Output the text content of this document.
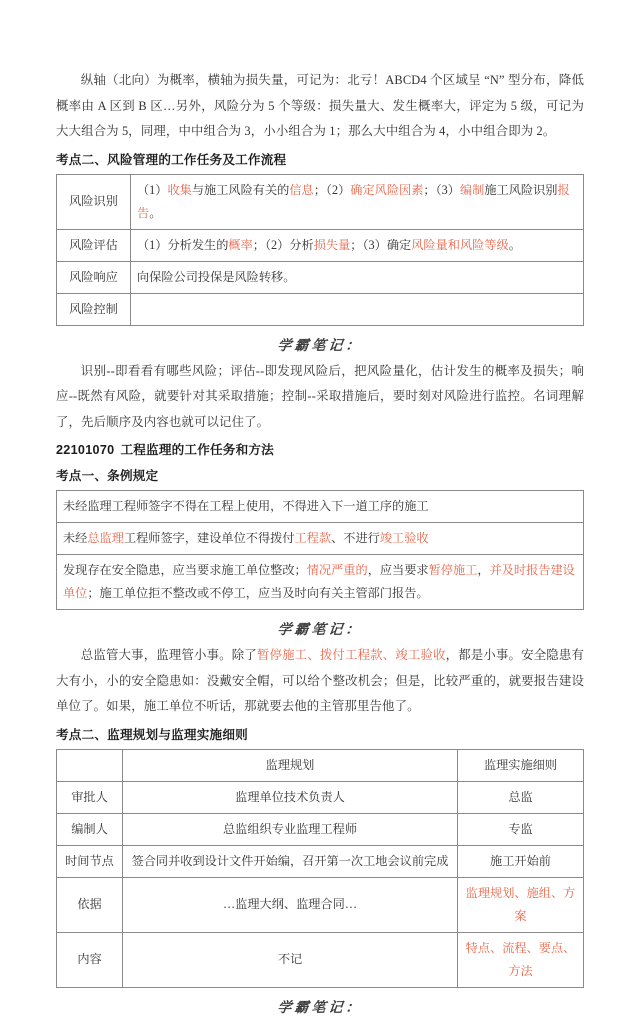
纵轴（北向）为概率，横轴为损失量，可记为：北亏！ABCD4 个区域呈 “N” 型分布，降低概率由 A 区到 B 区…另外，风险分为 5 个等级：损失量大、发生概率大，评定为 5 级，可记为大大组合为 5，同理，中中组合为 3，小小组合为 1；那么大中组合为 4，小中组合即为 2。

考点二、风险管理的工作任务及工作流程
风险识别	（1）收集与施工风险有关的信息；（2）确定风险因素；（3）编制施工风险识别报告。
风险评估	（1）分析发生的概率；（2）分析损失量；（3）确定风险量和风险等级。
风险响应	向保险公司投保是风险转移。
风险控制	
学霸笔记：

识别--即看看有哪些风险；评估--即发现风险后，把风险量化，估计发生的概率及损失；响应--既然有风险，就要针对其采取措施；控制--采取措施后，要时刻对风险进行监控。名词理解了，先后顺序及内容也就可以记住了。

22101070 工程监理的工作任务和方法
考点一、条例规定
未经监理工程师签字不得在工程上使用，不得进入下一道工序的施工
未经总监理工程师签字，建设单位不得拨付工程款、不进行竣工验收
发现存在安全隐患，应当要求施工单位整改；情况严重的，应当要求暂停施工，并及时报告建设单位；施工单位拒不整改或不停工，应当及时向有关主管部门报告。
学霸笔记：

总监管大事，监理管小事。除了暂停施工、拨付工程款、竣工验收，都是小事。安全隐患有大有小，小的安全隐患如：没戴安全帽，可以给个整改机会；但是，比较严重的，就要报告建设单位了。如果，施工单位不听话，那就要去他的主管那里告他了。

考点二、监理规划与监理实施细则
	监理规划	监理实施细则
审批人	监理单位技术负责人	总监
编制人	总监组织专业监理工程师	专监
时间节点	签合同并收到设计文件开始编，召开第一次工地会议前完成	施工开始前
依据	…监理大纲、监理合同…	监理规划、施组、方案
内容	不记	特点、流程、要点、方法
学霸笔记：
